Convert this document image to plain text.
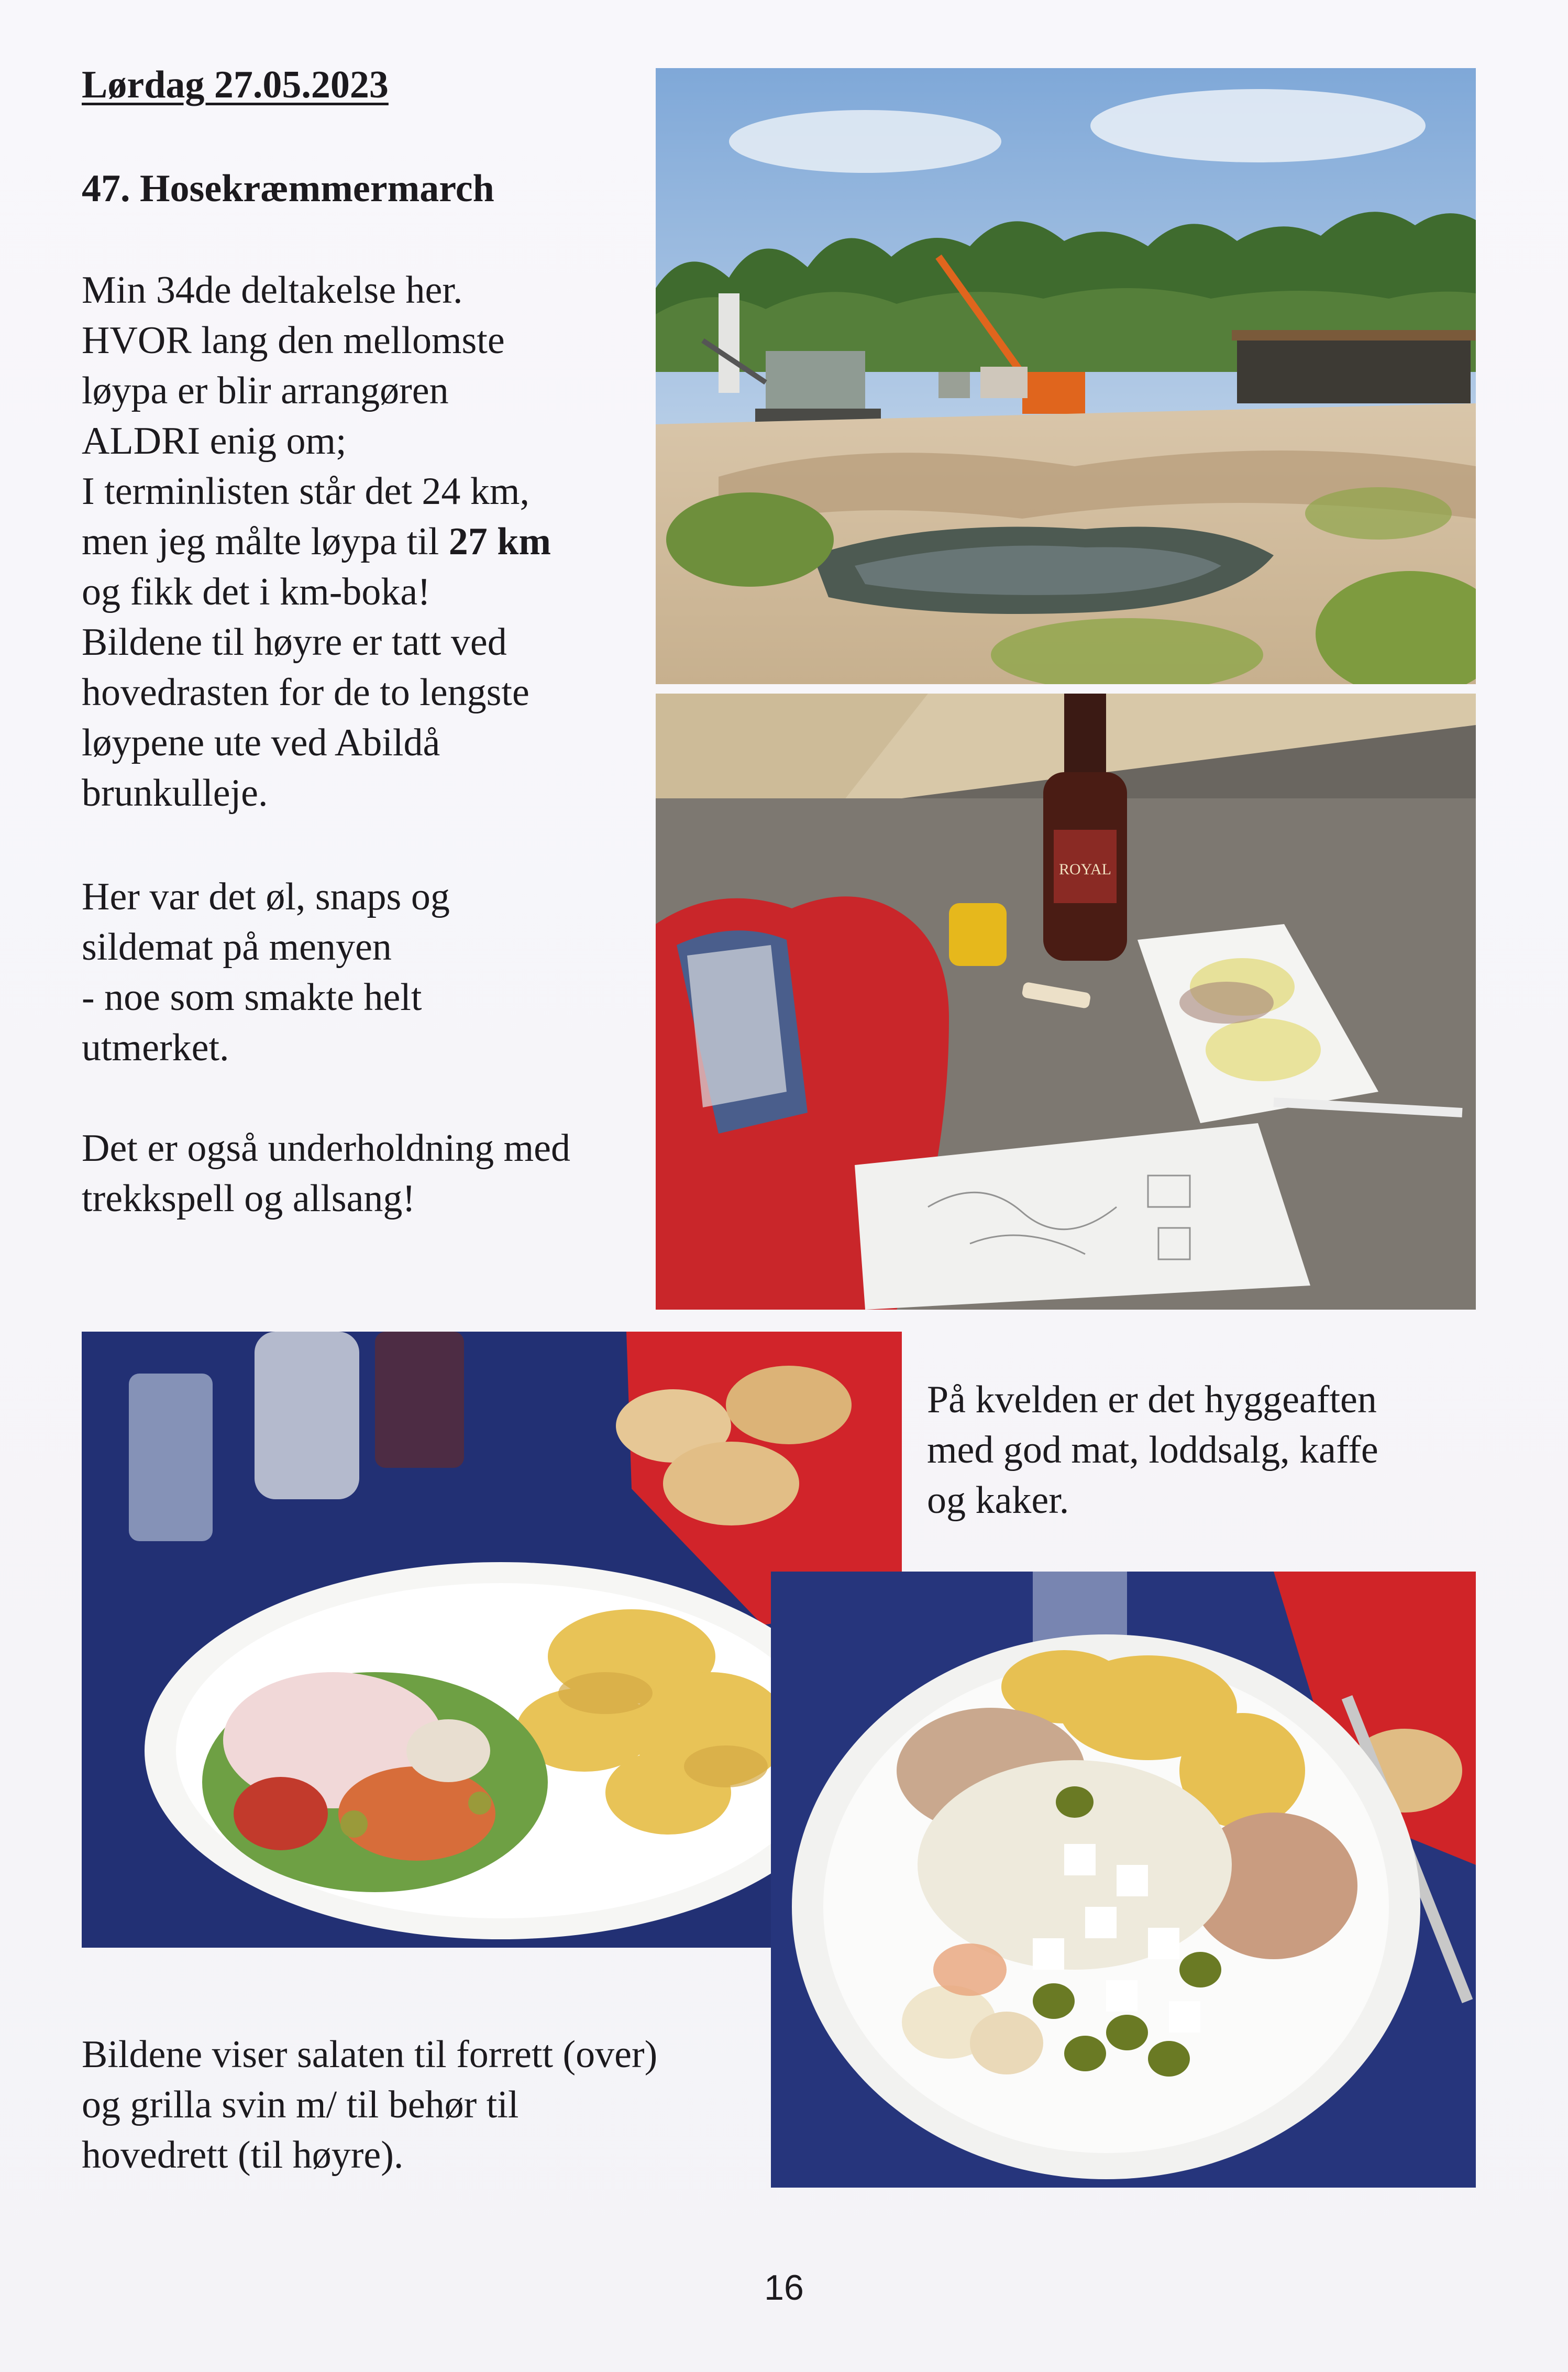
Lørdag 27.05.2023

47. Hosekræmmermarch

Min 34de deltakelse her.
HVOR lang den mellomste
løypa er blir arrangøren
ALDRI enig om;
I terminlisten står det 24 km,
men jeg målte løypa til 27 km
og fikk det i km-boka!
Bildene til høyre er tatt ved
hovedrasten for de to lengste
løypene ute ved Abildå
brunkulleje.

Her var det øl, snaps og
sildemat på menyen
- noe som smakte helt
utmerket.

Det er også underholdning med
trekkspell og allsang!

På kvelden er det hyggeaften
med god mat, loddsalg, kaffe
og kaker.

Bildene viser salaten til forrett (over)
og grilla svin m/ til behør til
hovedrett (til høyre).

ROYAL
16
